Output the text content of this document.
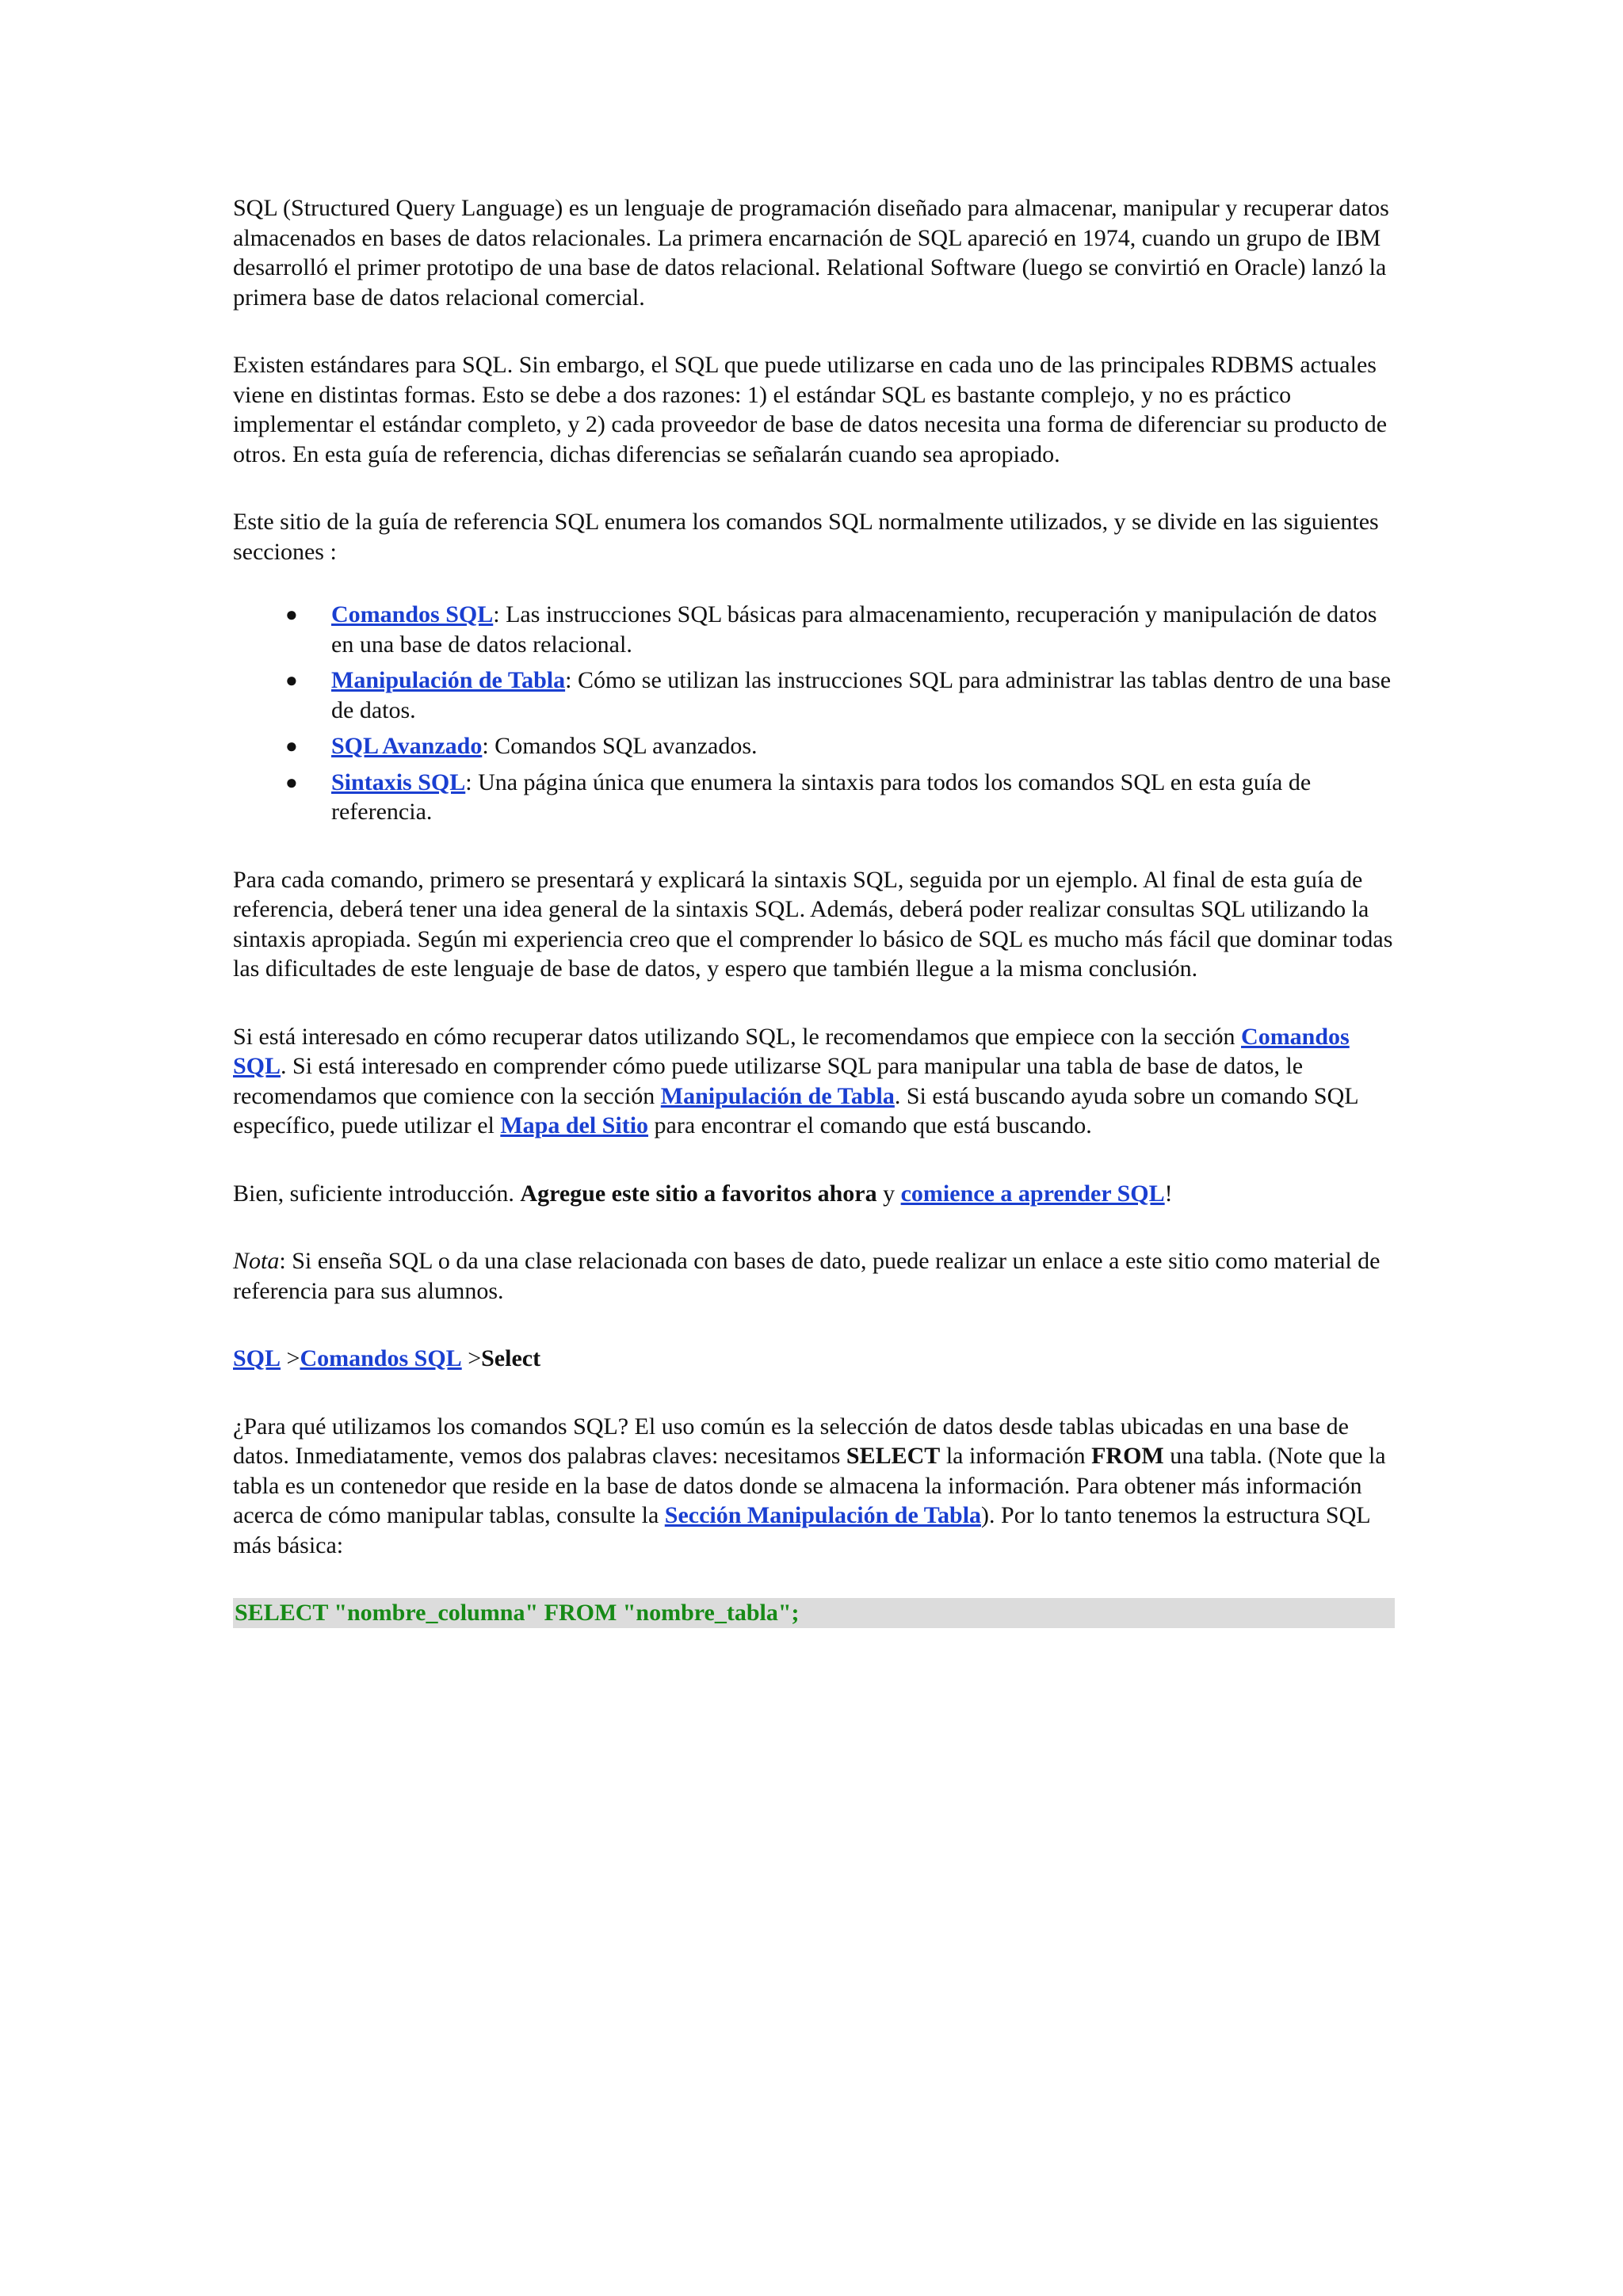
SQL (Structured Query Language) es un lenguaje de programación diseñado para almacenar, manipular y recuperar datos almacenados en bases de datos relacionales. La primera encarnación de SQL apareció en 1974, cuando un grupo de IBM desarrolló el primer prototipo de una base de datos relacional. Relational Software (luego se convirtió en Oracle) lanzó la primera base de datos relacional comercial.

Existen estándares para SQL. Sin embargo, el SQL que puede utilizarse en cada uno de las principales RDBMS actuales viene en distintas formas. Esto se debe a dos razones: 1) el estándar SQL es bastante complejo, y no es práctico implementar el estándar completo, y 2) cada proveedor de base de datos necesita una forma de diferenciar su producto de otros. En esta guía de referencia, dichas diferencias se señalarán cuando sea apropiado.

Este sitio de la guía de referencia SQL enumera los comandos SQL normalmente utilizados, y se divide en las siguientes secciones :

● Comandos SQL: Las instrucciones SQL básicas para almacenamiento, recuperación y manipulación de datos en una base de datos relacional.
● Manipulación de Tabla: Cómo se utilizan las instrucciones SQL para administrar las tablas dentro de una base de datos.
● SQL Avanzado: Comandos SQL avanzados.
● Sintaxis SQL: Una página única que enumera la sintaxis para todos los comandos SQL en esta guía de referencia.

Para cada comando, primero se presentará y explicará la sintaxis SQL, seguida por un ejemplo. Al final de esta guía de referencia, deberá tener una idea general de la sintaxis SQL. Además, deberá poder realizar consultas SQL utilizando la sintaxis apropiada. Según mi experiencia creo que el comprender lo básico de SQL es mucho más fácil que dominar todas las dificultades de este lenguaje de base de datos, y espero que también llegue a la misma conclusión.

Si está interesado en cómo recuperar datos utilizando SQL, le recomendamos que empiece con la sección Comandos SQL. Si está interesado en comprender cómo puede utilizarse SQL para manipular una tabla de base de datos, le recomendamos que comience con la sección Manipulación de Tabla. Si está buscando ayuda sobre un comando SQL específico, puede utilizar el Mapa del Sitio para encontrar el comando que está buscando.

Bien, suficiente introducción. Agregue este sitio a favoritos ahora y comience a aprender SQL!

Nota: Si enseña SQL o da una clase relacionada con bases de dato, puede realizar un enlace a este sitio como material de referencia para sus alumnos.

SQL >Comandos SQL >Select

¿Para qué utilizamos los comandos SQL? El uso común es la selección de datos desde tablas ubicadas en una base de datos. Inmediatamente, vemos dos palabras claves: necesitamos SELECT la información FROM una tabla. (Note que la tabla es un contenedor que reside en la base de datos donde se almacena la información. Para obtener más información acerca de cómo manipular tablas, consulte la Sección Manipulación de Tabla). Por lo tanto tenemos la estructura SQL más básica:

SELECT "nombre_columna" FROM "nombre_tabla";
